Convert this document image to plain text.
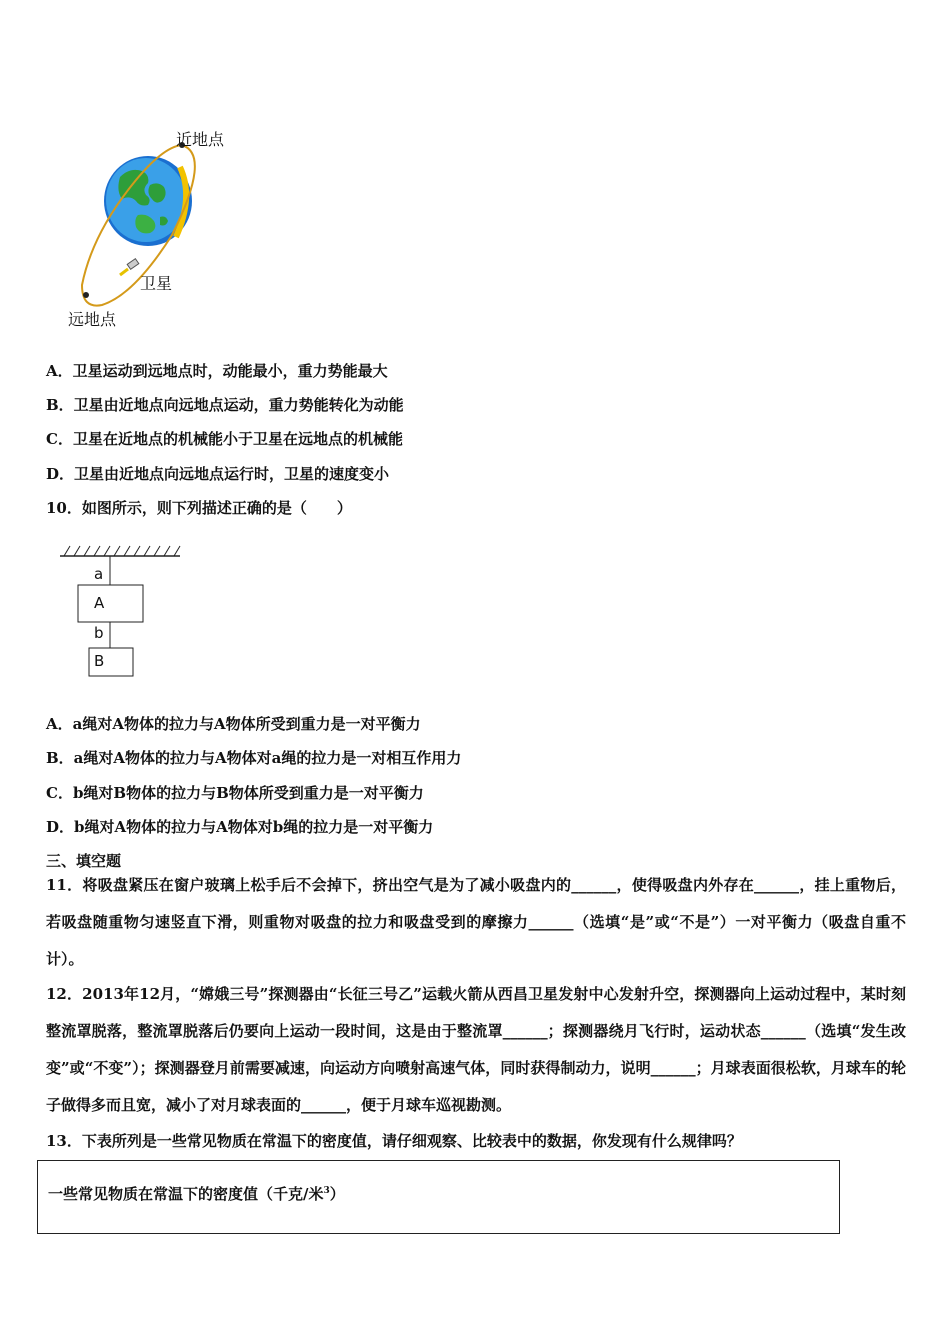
近地点
卫星
远地点
A．卫星运动到远地点时，动能最小，重力势能最大
B．卫星由近地点向远地点运动，重力势能转化为动能
C．卫星在近地点的机械能小于卫星在远地点的机械能
D．卫星由近地点向远地点运行时，卫星的速度变小
10．如图所示，则下列描述正确的是（　　）
a
A
b
B
A．a绳对A物体的拉力与A物体所受到重力是一对平衡力
B．a绳对A物体的拉力与A物体对a绳的拉力是一对相互作用力
C．b绳对B物体的拉力与B物体所受到重力是一对平衡力
D．b绳对A物体的拉力与A物体对b绳的拉力是一对平衡力
三、填空题
11．将吸盘紧压在窗户玻璃上松手后不会掉下，挤出空气是为了减小吸盘内的______，使得吸盘内外存在______，挂上重物后，若吸盘随重物匀速竖直下滑，则重物对吸盘的拉力和吸盘受到的摩擦力______（选填“是”或“不是”）一对平衡力（吸盘自重不计）。
12．2013年12月，“嫦娥三号”探测器由“长征三号乙”运载火箭从西昌卫星发射中心发射升空，探测器向上运动过程中，某时刻整流罩脱落，整流罩脱落后仍要向上运动一段时间，这是由于整流罩______；探测器绕月飞行时，运动状态______（选填“发生改变”或“不变”）；探测器登月前需要减速，向运动方向喷射高速气体，同时获得制动力，说明______；月球表面很松软，月球车的轮子做得多而且宽，减小了对月球表面的______，便于月球车巡视勘测。
13．下表所列是一些常见物质在常温下的密度值，请仔细观察、比较表中的数据，你发现有什么规律吗？
一些常见物质在常温下的密度值（千克/米$^3$）
